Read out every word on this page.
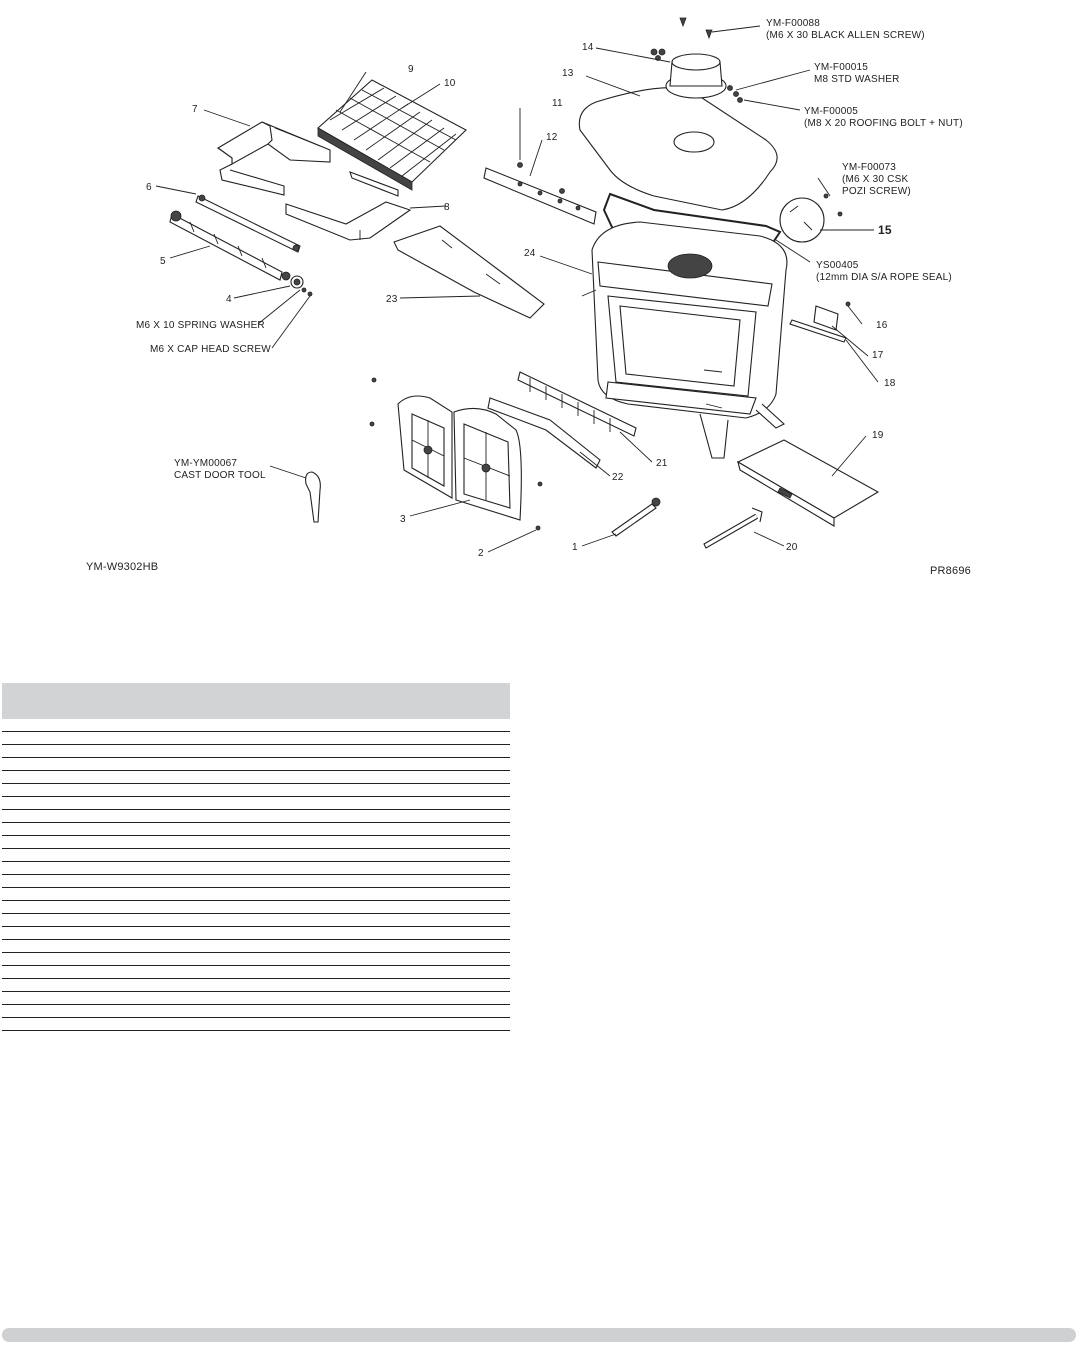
14
13
11
12
9
10
7
6
8
5
24
4	23
15
16
17
18
19
21
22
3
2
1	20
YM-F00088
(M6 X 30 BLACK ALLEN SCREW)
YM-F00015
M8 STD WASHER
YM-F00005
(M8 X 20 ROOFING BOLT + NUT)
YM-F00073
(M6 X 30 CSK
POZI SCREW)
YS00405
(12mm DIA S/A ROPE SEAL)
M6 X 10 SPRING WASHER
M6 X CAP HEAD SCREW
YM-YM00067
CAST DOOR TOOL
YM-W9302HB	PR8696
